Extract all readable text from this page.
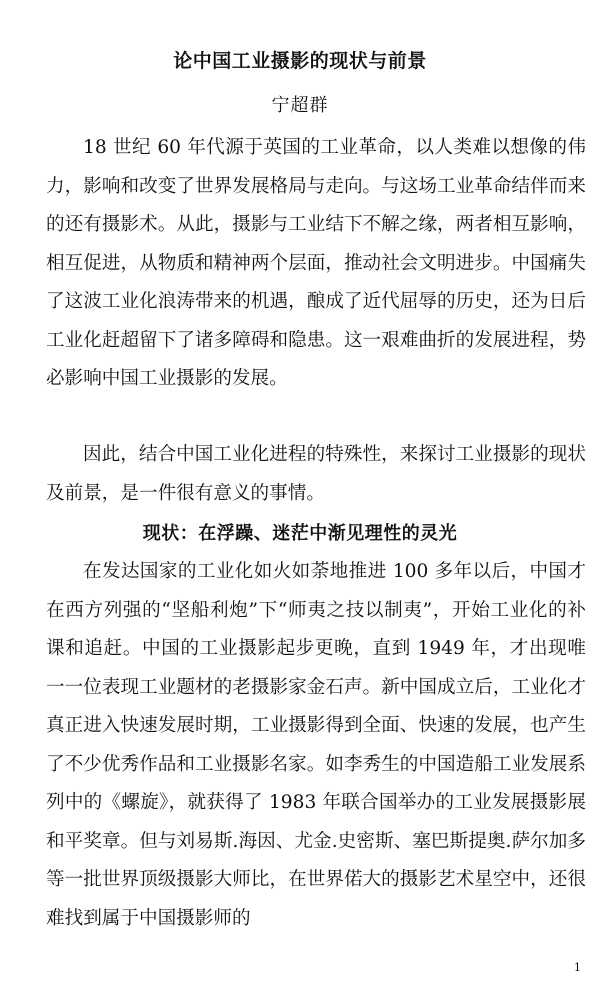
论中国工业摄影的现状与前景
宁超群

18 世纪 60 年代源于英国的工业革命，以人类难以想像的伟力，影响和改变了世界发展格局与走向。与这场工业革命结伴而来的还有摄影术。从此，摄影与工业结下不解之缘，两者相互影响，相互促进，从物质和精神两个层面，推动社会文明进步。中国痛失了这波工业化浪涛带来的机遇，酿成了近代屈辱的历史，还为日后工业化赶超留下了诸多障碍和隐患。这一艰难曲折的发展进程，势必影响中国工业摄影的发展。

因此，结合中国工业化进程的特殊性，来探讨工业摄影的现状及前景，是一件很有意义的事情。

现状：在浮躁、迷茫中渐见理性的灵光

在发达国家的工业化如火如荼地推进 100 多年以后，中国才在西方列强的“坚船利炮”下“师夷之技以制夷”，开始工业化的补课和追赶。中国的工业摄影起步更晚，直到 1949 年，才出现唯一一位表现工业题材的老摄影家金石声。新中国成立后，工业化才真正进入快速发展时期，工业摄影得到全面、快速的发展，也产生了不少优秀作品和工业摄影名家。如李秀生的中国造船工业发展系列中的《螺旋》，就获得了 1983 年联合国举办的工业发展摄影展和平奖章。但与刘易斯.海因、尤金.史密斯、塞巴斯提奥.萨尔加多等一批世界顶级摄影大师比，在世界偌大的摄影艺术星空中，还很难找到属于中国摄影师的

1
